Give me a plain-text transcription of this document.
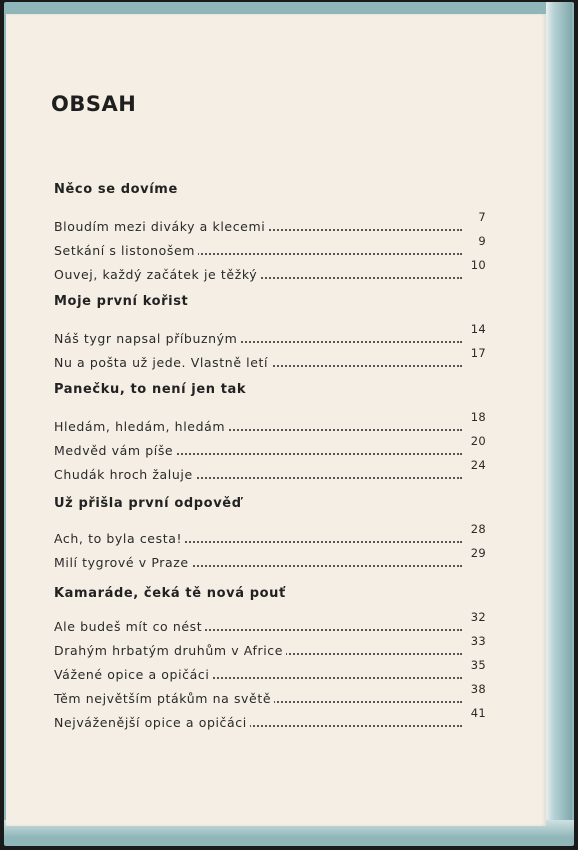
OBSAH
Něco se dovíme
Bloudím mezi diváky a klecemi
7
Setkání s listonošem
9
Ouvej, každý začátek je těžký
10
Moje první kořist
Náš tygr napsal příbuzným
14
Nu a pošta už jede. Vlastně letí
17
Panečku, to není jen tak
Hledám, hledám, hledám
18
Medvěd vám píše
20
Chudák hroch žaluje
24
Už přišla první odpověď
Ach, to byla cesta!
28
Milí tygrové v Praze
29
Kamaráde, čeká tě nová pouť
Ale budeš mít co nést
32
Drahým hrbatým druhům v Africe
33
Vážené opice a opičáci
35
Těm největším ptákům na světě
38
Nejváženější opice a opičáci
41
